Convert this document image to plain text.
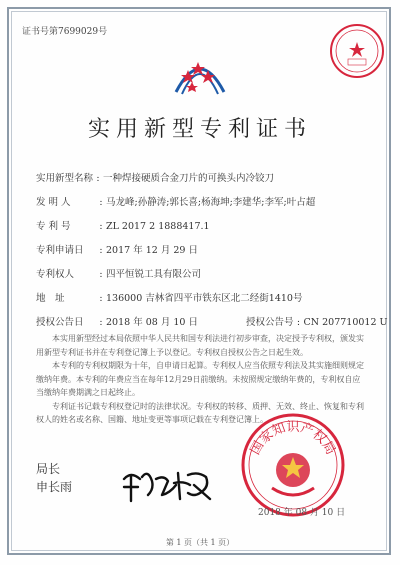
证书号第7699029号
实用新型专利证书
实用新型名称 : 一种焊接硬质合金刀片的可换头内冷铰刀
发 明 人	: 马龙峰;孙静涛;郭长喜;杨海坤;李建华;李军;叶占超
专 利 号	: ZL 2017 2 1888417.1
专利申请日 : 2017 年 12 月 29 日
专利权人	: 四平恒锐工具有限公司
地　址	: 136000 吉林省四平市铁东区北二经街1410号
授权公告日 : 2018 年 08 月 10 日	授权公告号 : CN 207710012 U

本实用新型经过本局依照中华人民共和国专利法进行初步审查，决定授予专利权，颁发实用新型专利证书并在专利登记簿上予以登记。专利权自授权公告之日起生效。

本专利的专利权期限为十年，自申请日起算。专利权人应当依照专利法及其实施细则规定缴纳年费。本专利的年费应当在每年12月29日前缴纳。未按照规定缴纳年费的，专利权自应当缴纳年费期满之日起终止。

专利证书记载专利权登记时的法律状况。专利权的转移、质押、无效、终止、恢复和专利权人的姓名或名称、国籍、地址变更等事项记载在专利登记簿上。

局长
申长雨
国家知识产权局
2018 年 08 月 10 日
第 1 页（共 1 页）
